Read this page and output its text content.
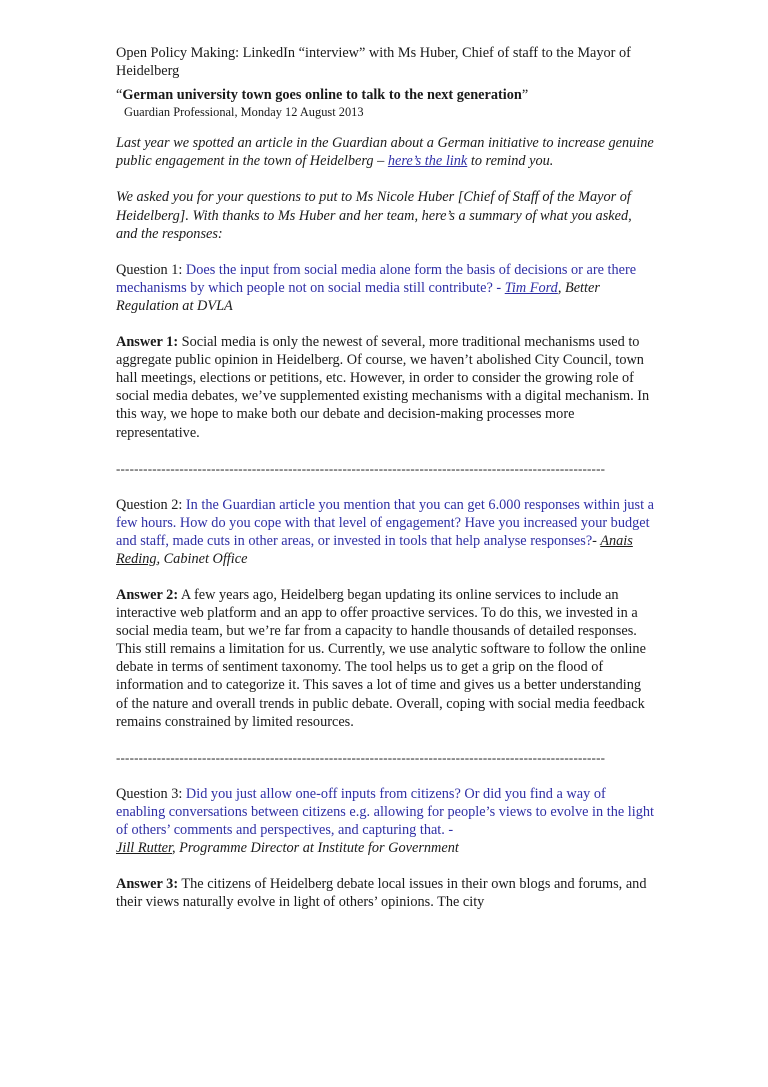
Open Policy Making: LinkedIn “interview” with Ms Huber, Chief of staff to the Mayor of Heidelberg

“German university town goes online to talk to the next generation”

Guardian Professional, Monday 12 August 2013

Last year we spotted an article in the Guardian about a German initiative to increase genuine public engagement in the town of Heidelberg – here’s the link to remind you.

We asked you for your questions to put to Ms Nicole Huber [Chief of Staff of the Mayor of Heidelberg]. With thanks to Ms Huber and her team, here’s a summary of what you asked, and the responses:

Question 1: Does the input from social media alone form the basis of decisions or are there mechanisms by which people not on social media still contribute? - Tim Ford, Better Regulation at DVLA

Answer 1: Social media is only the newest of several, more traditional mechanisms used to aggregate public opinion in Heidelberg. Of course, we haven’t abolished City Council, town hall meetings, elections or petitions, etc. However, in order to consider the growing role of social media debates, we’ve supplemented existing mechanisms with a digital mechanism. In this way, we hope to make both our debate and decision-making processes more representative.

------------------------------------------------------------------------------------------------------------

Question 2: In the Guardian article you mention that you can get 6.000 responses within just a few hours. How do you cope with that level of engagement? Have you increased your budget and staff, made cuts in other areas, or invested in tools that help analyse responses?- Anais Reding, Cabinet Office

Answer 2: A few years ago, Heidelberg began updating its online services to include an interactive web platform and an app to offer proactive services. To do this, we invested in a social media team, but we’re far from a capacity to handle thousands of detailed responses. This still remains a limitation for us. Currently, we use analytic software to follow the online debate in terms of sentiment taxonomy. The tool helps us to get a grip on the flood of information and to categorize it. This saves a lot of time and gives us a better understanding of the nature and overall trends in public debate. Overall, coping with social media feedback remains constrained by limited resources.

------------------------------------------------------------------------------------------------------------

Question 3: Did you just allow one-off inputs from citizens? Or did you find a way of enabling conversations between citizens e.g. allowing for people’s views to evolve in the light of others’ comments and perspectives, and capturing that. -
Jill Rutter, Programme Director at Institute for Government

Answer 3: The citizens of Heidelberg debate local issues in their own blogs and forums, and their views naturally evolve in light of others’ opinions. The city
